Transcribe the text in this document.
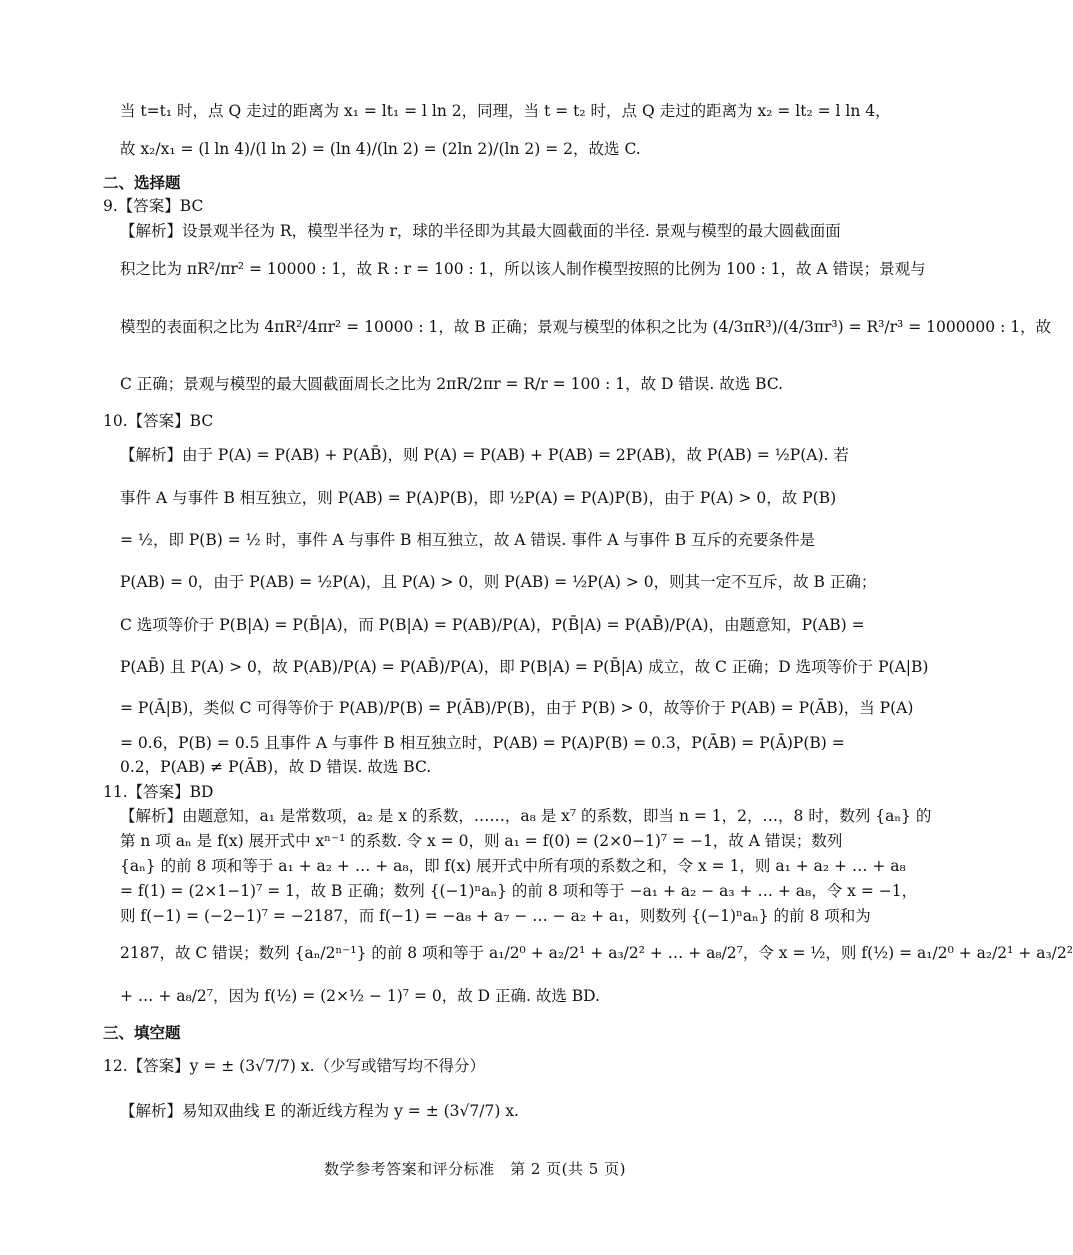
当 t=t₁ 时，点 Q 走过的距离为 x₁ = lt₁ = l ln 2，同理，当 t = t₂ 时，点 Q 走过的距离为 x₂ = lt₂ = l ln 4，
故 x₂/x₁ = (l ln 4)/(l ln 2) = (ln 4)/(ln 2) = (2ln 2)/(ln 2) = 2，故选 C.
二、选择题
9.【答案】BC
【解析】设景观半径为 R，模型半径为 r，球的半径即为其最大圆截面的半径. 景观与模型的最大圆截面面
积之比为 πR²/πr² = 10000 : 1，故 R : r = 100 : 1，所以该人制作模型按照的比例为 100 : 1，故 A 错误；景观与
模型的表面积之比为 4πR²/4πr² = 10000 : 1，故 B 正确；景观与模型的体积之比为 (4/3πR³)/(4/3πr³) = R³/r³ = 1000000 : 1，故
C 正确；景观与模型的最大圆截面周长之比为 2πR/2πr = R/r = 100 : 1，故 D 错误. 故选 BC.
10.【答案】BC
【解析】由于 P(A) = P(AB) + P(AB̄)，则 P(A) = P(AB) + P(AB) = 2P(AB)，故 P(AB) = ½P(A). 若
事件 A 与事件 B 相互独立，则 P(AB) = P(A)P(B)，即 ½P(A) = P(A)P(B)，由于 P(A) > 0，故 P(B)
= ½，即 P(B) = ½ 时，事件 A 与事件 B 相互独立，故 A 错误. 事件 A 与事件 B 互斥的充要条件是
P(AB) = 0，由于 P(AB) = ½P(A)，且 P(A) > 0，则 P(AB) = ½P(A) > 0，则其一定不互斥，故 B 正确；
C 选项等价于 P(B|A) = P(B̄|A)，而 P(B|A) = P(AB)/P(A)，P(B̄|A) = P(AB̄)/P(A)，由题意知，P(AB) =
P(AB̄) 且 P(A) > 0，故 P(AB)/P(A) = P(AB̄)/P(A)，即 P(B|A) = P(B̄|A) 成立，故 C 正确；D 选项等价于 P(A|B)
= P(Ā|B)，类似 C 可得等价于 P(AB)/P(B) = P(ĀB)/P(B)，由于 P(B) > 0，故等价于 P(AB) = P(ĀB)，当 P(A)
= 0.6，P(B) = 0.5 且事件 A 与事件 B 相互独立时，P(AB) = P(A)P(B) = 0.3，P(ĀB) = P(Ā)P(B) =
0.2，P(AB) ≠ P(ĀB)，故 D 错误. 故选 BC.
11.【答案】BD
【解析】由题意知，a₁ 是常数项，a₂ 是 x 的系数，……，a₈ 是 x⁷ 的系数，即当 n = 1，2，…，8 时，数列 {aₙ} 的
第 n 项 aₙ 是 f(x) 展开式中 xⁿ⁻¹ 的系数. 令 x = 0，则 a₁ = f(0) = (2×0−1)⁷ = −1，故 A 错误；数列
{aₙ} 的前 8 项和等于 a₁ + a₂ + … + a₈，即 f(x) 展开式中所有项的系数之和，令 x = 1，则 a₁ + a₂ + … + a₈
= f(1) = (2×1−1)⁷ = 1，故 B 正确；数列 {(−1)ⁿaₙ} 的前 8 项和等于 −a₁ + a₂ − a₃ + … + a₈，令 x = −1，
则 f(−1) = (−2−1)⁷ = −2187，而 f(−1) = −a₈ + a₇ − … − a₂ + a₁，则数列 {(−1)ⁿaₙ} 的前 8 项和为
2187，故 C 错误；数列 {aₙ/2ⁿ⁻¹} 的前 8 项和等于 a₁/2⁰ + a₂/2¹ + a₃/2² + … + a₈/2⁷，令 x = ½，则 f(½) = a₁/2⁰ + a₂/2¹ + a₃/2²
+ … + a₈/2⁷，因为 f(½) = (2×½ − 1)⁷ = 0，故 D 正确. 故选 BD.
三、填空题
12.【答案】y = ± (3√7/7) x.（少写或错写均不得分）
【解析】易知双曲线 E 的渐近线方程为 y = ± (3√7/7) x.
数学参考答案和评分标准　第 2 页(共 5 页)
